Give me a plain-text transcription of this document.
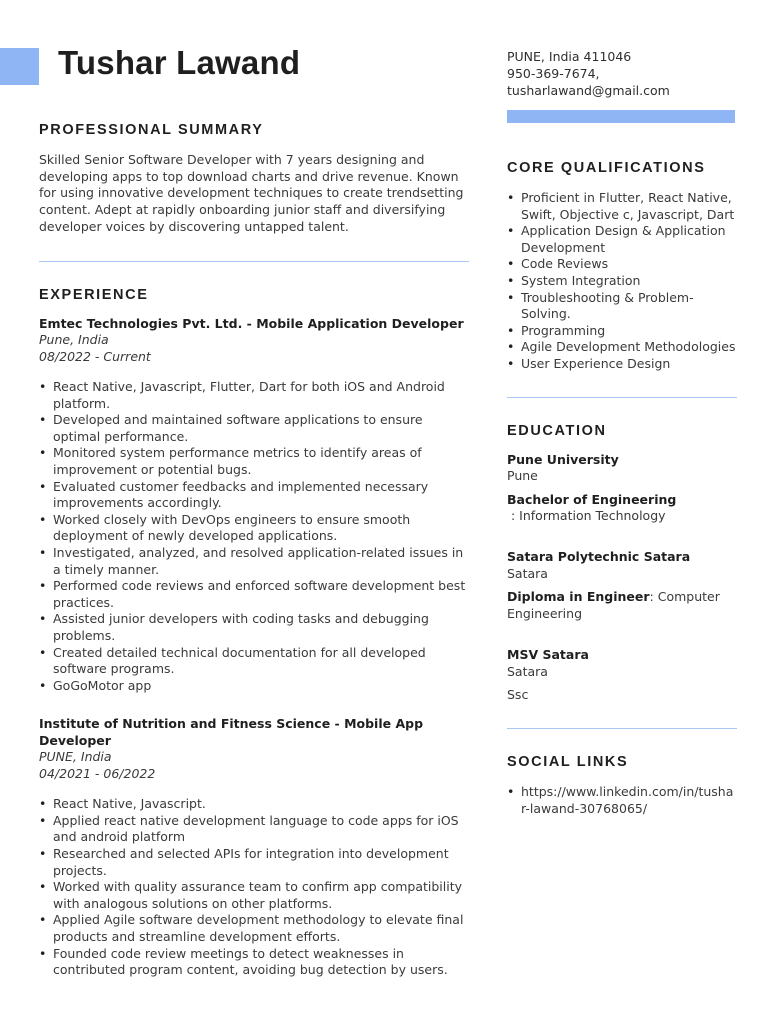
Tushar Lawand	PUNE, India 411046
950-369-7674,
tusharlawand@gmail.com
PROFESSIONAL SUMMARY
Skilled Senior Software Developer with 7 years designing and developing apps to top download charts and drive revenue. Known for using innovative development techniques to create trendsetting content. Adept at rapidly onboarding junior staff and diversifying developer voices by discovering untapped talent.
EXPERIENCE
Emtec Technologies Pvt. Ltd. - Mobile Application Developer
Pune, India
08/2022 - Current
• React Native, Javascript, Flutter, Dart for both iOS and Android platform.
• Developed and maintained software applications to ensure optimal performance.
• Monitored system performance metrics to identify areas of improvement or potential bugs.
• Evaluated customer feedbacks and implemented necessary improvements accordingly.
• Worked closely with DevOps engineers to ensure smooth deployment of newly developed applications.
• Investigated, analyzed, and resolved application-related issues in a timely manner.
• Performed code reviews and enforced software development best practices.
• Assisted junior developers with coding tasks and debugging problems.
• Created detailed technical documentation for all developed software programs.
• GoGoMotor app
Institute of Nutrition and Fitness Science - Mobile App Developer
PUNE, India
04/2021 - 06/2022
• React Native, Javascript.
• Applied react native development language to code apps for iOS and android platform
• Researched and selected APIs for integration into development projects.
• Worked with quality assurance team to confirm app compatibility with analogous solutions on other platforms.
• Applied Agile software development methodology to elevate final products and streamline development efforts.
• Founded code review meetings to detect weaknesses in contributed program content, avoiding bug detection by users.
CORE QUALIFICATIONS
• Proficient in Flutter, React Native, Swift, Objective c, Javascript, Dart
• Application Design & Application Development
• Code Reviews
• System Integration
• Troubleshooting & Problem-Solving.
• Programming
• Agile Development Methodologies
• User Experience Design
EDUCATION
Pune University
Pune
Bachelor of Engineering : Information Technology
Satara Polytechnic Satara
Satara
Diploma in Engineer: Computer Engineering
MSV Satara
Satara
Ssc
SOCIAL LINKS
• https://www.linkedin.com/in/tushar-lawand-30768065/
